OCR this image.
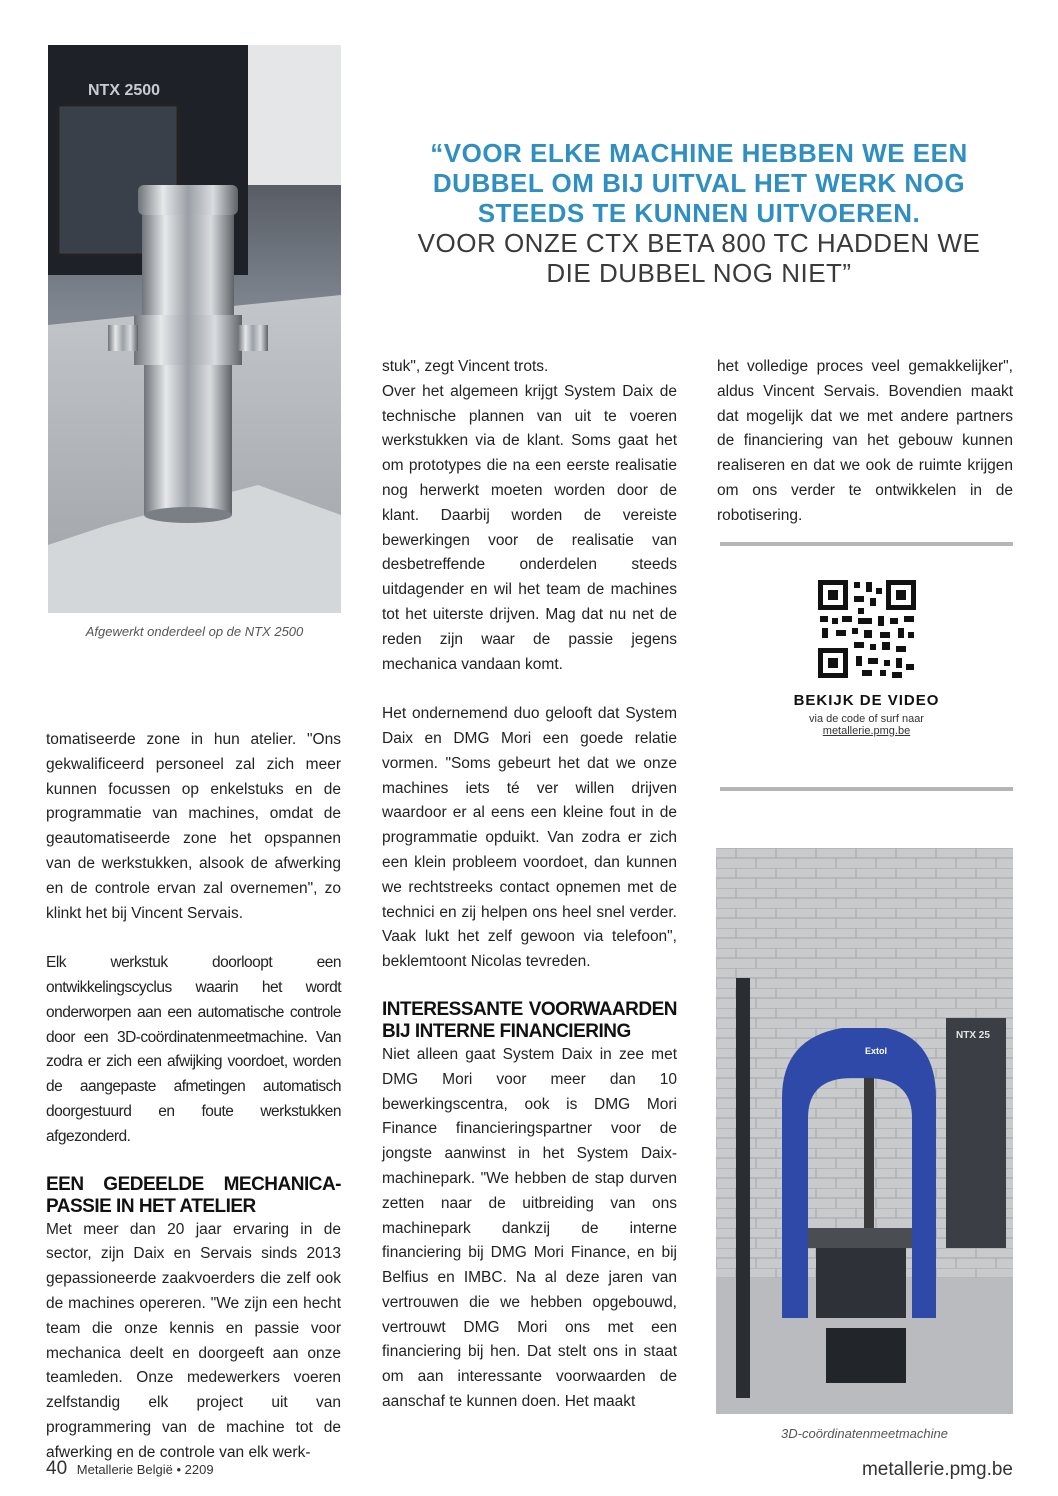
NTX 2500
Afgewerkt onderdeel op de NTX 2500
“VOOR ELKE MACHINE HEBBEN WE EEN DUBBEL OM BIJ UITVAL HET WERK NOG STEEDS TE KUNNEN UITVOEREN.
VOOR ONZE CTX BETA 800 TC HADDEN WE DIE DUBBEL NOG NIET”

tomatiseerde zone in hun atelier. "Ons gekwalificeerd personeel zal zich meer kunnen focussen op enkelstuks en de programmatie van machines, omdat de geautomatiseerde zone het opspannen van de werkstukken, alsook de afwerking en de controle ervan zal overnemen", zo klinkt het bij Vincent Servais.

Elk werkstuk doorloopt een ontwikkelingscyclus waarin het wordt onderworpen aan een automatische controle door een 3D-coördinatenmeetmachine. Van zodra er zich een afwijking voordoet, worden de aangepaste afmetingen automatisch doorgestuurd en foute werkstukken afgezonderd.

EEN GEDEELDE MECHANICA-PASSIE IN HET ATELIER

Met meer dan 20 jaar ervaring in de sector, zijn Daix en Servais sinds 2013 gepassioneerde zaakvoerders die zelf ook de machines opereren. "We zijn een hecht team die onze kennis en passie voor mechanica deelt en doorgeeft aan onze teamleden. Onze medewerkers voeren zelfstandig elk project uit van programmering van de machine tot de afwerking en de controle van elk werk-

stuk", zegt Vincent trots.

Over het algemeen krijgt System Daix de technische plannen van uit te voeren werkstukken via de klant. Soms gaat het om prototypes die na een eerste realisatie nog herwerkt moeten worden door de klant. Daarbij worden de vereiste bewerkingen voor de realisatie van desbetreffende onderdelen steeds uitdagender en wil het team de machines tot het uiterste drijven. Mag dat nu net de reden zijn waar de passie jegens mechanica vandaan komt.

Het ondernemend duo gelooft dat System Daix en DMG Mori een goede relatie vormen. "Soms gebeurt het dat we onze machines iets té ver willen drijven waardoor er al eens een kleine fout in de programmatie opduikt. Van zodra er zich een klein probleem voordoet, dan kunnen we rechtstreeks contact opnemen met de technici en zij helpen ons heel snel verder. Vaak lukt het zelf gewoon via telefoon", beklemtoont Nicolas tevreden.

INTERESSANTE VOORWAARDEN BIJ INTERNE FINANCIERING

Niet alleen gaat System Daix in zee met DMG Mori voor meer dan 10 bewerkingscentra, ook is DMG Mori Finance financieringspartner voor de jongste aanwinst in het System Daix-machinepark. "We hebben de stap durven zetten naar de uitbreiding van ons machinepark dankzij de interne financiering bij DMG Mori Finance, en bij Belfius en IMBC. Na al deze jaren van vertrouwen die we hebben opgebouwd, vertrouwt DMG Mori ons met een financiering bij hen. Dat stelt ons in staat om aan interessante voorwaarden de aanschaf te kunnen doen. Het maakt

het volledige proces veel gemakkelijker", aldus Vincent Servais. Bovendien maakt dat mogelijk dat we met andere partners de financiering van het gebouw kunnen realiseren en dat we ook de ruimte krijgen om ons verder te ontwikkelen in de robotisering.

BEKIJK DE VIDEO
via de code of surf naar
metallerie.pmg.be
NTX 25
Extol
3D-coördinatenmeetmachine
40 Metallerie België • 2209	metallerie.pmg.be
